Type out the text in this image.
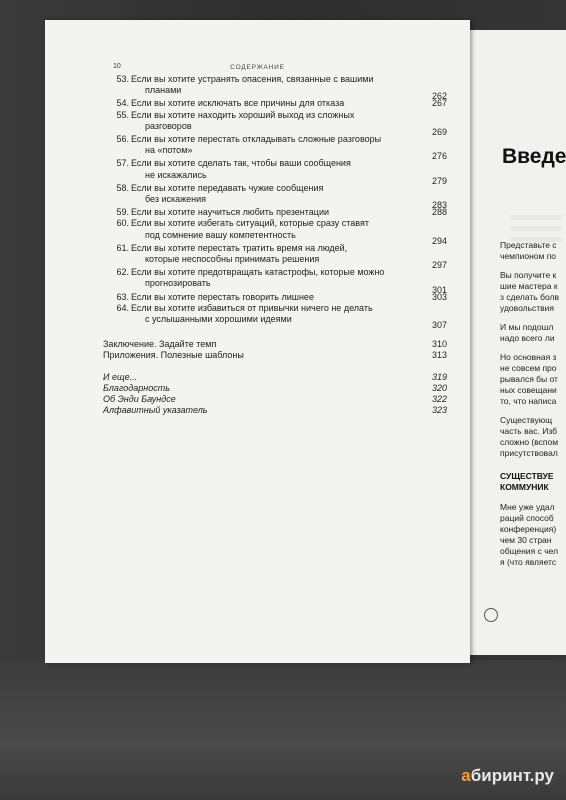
Введе
Представьте с
чемпионом по
Вы получите к
шие мастера к
з сделать болв
удовольствия
И мы подошл
надо всего ли
Но основная з
не совсем про
рывался бы от
ных совещани
то, что написа
Существующ
часть вас. Изб
сложно (вспом
присутствовал
СУЩЕСТВУЕ
КОММУНИК
Мне уже удал
раций способ
конференция)
чем 30 стран
общения с чел
я (что являетс
10	СОДЕРЖАНИЕ
53. Если вы хотите устранять опасения, связанные с вашими
планами
262
54. Если вы хотите исключать все причины для отказа	267
55. Если вы хотите находить хороший выход из сложных
разговоров
269
56. Если вы хотите перестать откладывать сложные разговоры
на «потом»
276
57. Если вы хотите сделать так, чтобы ваши сообщения
не искажались
279
58. Если вы хотите передавать чужие сообщения
без искажения
283
59. Если вы хотите научиться любить презентации	288
60. Если вы хотите избегать ситуаций, которые сразу ставят
под сомнение вашу компетентность
294
61. Если вы хотите перестать тратить время на людей,
которые неспособны принимать решения
297
62. Если вы хотите предотвращать катастрофы, которые можно
прогнозировать
301
63. Если вы хотите перестать говорить лишнее	303
64. Если вы хотите избавиться от привычки ничего не делать
с услышанными хорошими идеями
307
Заключение. Задайте темп	310
Приложения. Полезные шаблоны	313
И еще...	319
Благодарность	320
Об Энди Баундсе	322
Алфавитный указатель	323
абиринт.ру
